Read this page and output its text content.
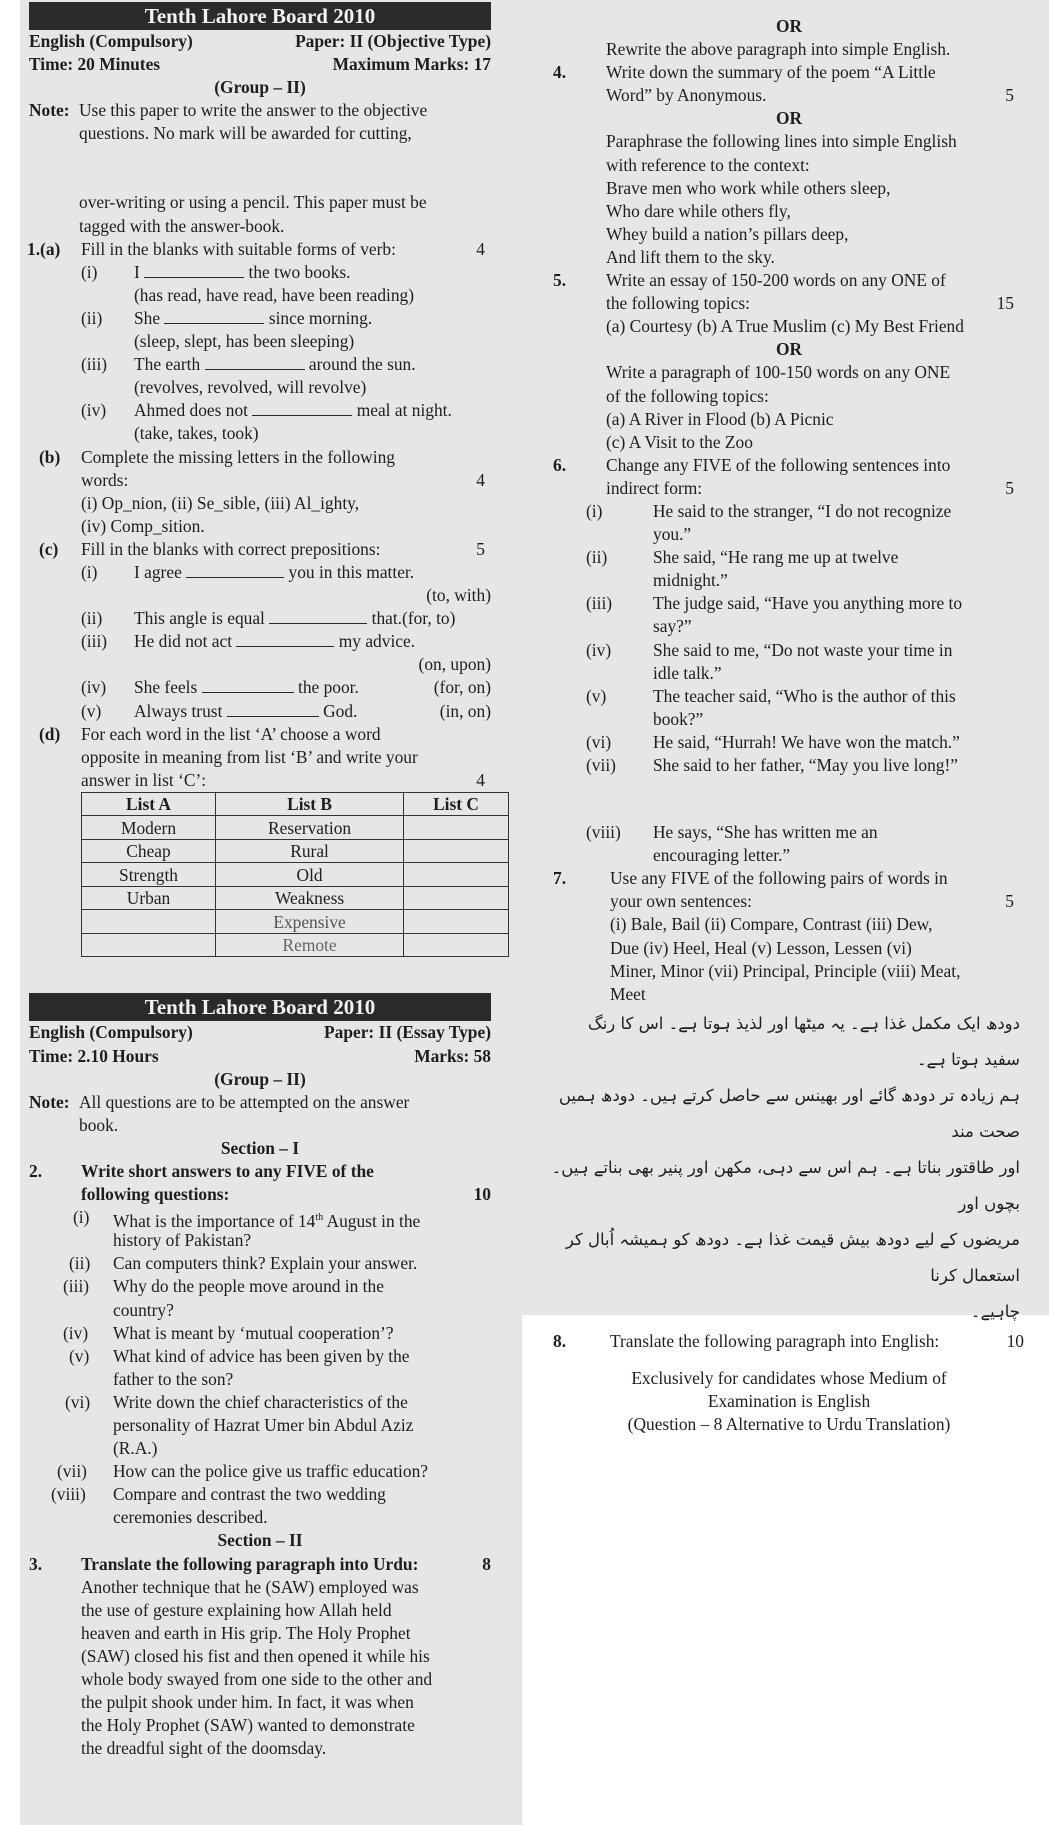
Tenth Lahore Board 2010
English (Compulsory)	Paper: II (Objective Type)
Time: 20 Minutes	Maximum Marks: 17
(Group – II)
Note: Use this paper to write the answer to the objective
questions. No mark will be awarded for cutting,
over-writing or using a pencil. This paper must be
tagged with the answer-book.
1.(a) Fill in the blanks with suitable forms of verb:	4
(i) I	the two books.
(has read, have read, have been reading)
(ii) She	since morning.
(sleep, slept, has been sleeping)
(iii) The earth	around the sun.
(revolves, revolved, will revolve)
(iv) Ahmed does not	meal at night.
(take, takes, took)
(b) Complete the missing letters in the following
words:	4
(i) Op_nion, (ii) Se_sible, (iii) Al_ighty,
(iv) Comp_sition.
(c) Fill in the blanks with correct prepositions:	5
(i) I agree	you in this matter.
(to, with)
(ii) This angle is equal	that.(for, to)
(iii) He did not act	my advice.
(on, upon)
(iv) She feels	the poor.	(for, on)
(v) Always trust	God.	(in, on)
(d) For each word in the list ‘A’ choose a word
opposite in meaning from list ‘B’ and write your
answer in list ‘C’:	4
List A	List B	List C
Modern	Reservation	
Cheap	Rural	
Strength	Old	
Urban	Weakness	
	Expensive	
	Remote	
Tenth Lahore Board 2010
English (Compulsory)	Paper: II (Essay Type)
Time: 2.10 Hours	Marks: 58
(Group – II)
Note: All questions are to be attempted on the answer
book.
Section – I
2. Write short answers to any FIVE of the
following questions:	10
(i) What is the importance of 14th August in the
history of Pakistan?
(ii) Can computers think? Explain your answer.
(iii) Why do the people move around in the
country?
(iv) What is meant by ‘mutual cooperation’?
(v) What kind of advice has been given by the
father to the son?
(vi) Write down the chief characteristics of the
personality of Hazrat Umer bin Abdul Aziz
(R.A.)
(vii) How can the police give us traffic education?
(viii) Compare and contrast the two wedding
ceremonies described.
Section – II
3. Translate the following paragraph into Urdu:	8
Another technique that he (SAW) employed was
the use of gesture explaining how Allah held
heaven and earth in His grip. The Holy Prophet
(SAW) closed his fist and then opened it while his
whole body swayed from one side to the other and
the pulpit shook under him. In fact, it was when
the Holy Prophet (SAW) wanted to demonstrate
the dreadful sight of the doomsday.
OR
Rewrite the above paragraph into simple English.
4. Write down the summary of the poem “A Little
Word” by Anonymous.	5
OR
Paraphrase the following lines into simple English
with reference to the context:
Brave men who work while others sleep,
Who dare while others fly,
Whey build a nation’s pillars deep,
And lift them to the sky.
5. Write an essay of 150-200 words on any ONE of
the following topics:	15
(a) Courtesy (b) A True Muslim (c) My Best Friend
OR
Write a paragraph of 100-150 words on any ONE
of the following topics:
(a) A River in Flood (b) A Picnic
(c) A Visit to the Zoo
6. Change any FIVE of the following sentences into
indirect form:	5
(i)	He said to the stranger, “I do not recognize
you.”
(ii)	She said, “He rang me up at twelve
midnight.”
(iii) The judge said, “Have you anything more to
say?”
(iv) She said to me, “Do not waste your time in
idle talk.”
(v)	The teacher said, “Who is the author of this
book?”
(vi) He said, “Hurrah! We have won the match.”
(vii) She said to her father, “May you live long!”
(viii) He says, “She has written me an
encouraging letter.”
7.	Use any FIVE of the following pairs of words in
your own sentences:	5
(i) Bale, Bail (ii) Compare, Contrast (iii) Dew,
Due (iv) Heel, Heal (v) Lesson, Lessen (vi)
Miner, Minor (vii) Principal, Principle (viii) Meat,
Meet
دودھ ایک مکمل غذا ہے۔ یہ میٹھا اور لذیذ ہوتا ہے۔ اس کا رنگ سفید ہوتا ہے۔
ہم زیادہ تر دودھ گائے اور بھینس سے حاصل کرتے ہیں۔ دودھ ہمیں صحت مند
اور طاقتور بناتا ہے۔ ہم اس سے دہی، مکھن اور پنیر بھی بناتے ہیں۔ بچوں اور
مریضوں کے لیے دودھ بیش قیمت غذا ہے۔ دودھ کو ہمیشہ اُبال کر استعمال کرنا
چاہیے۔
8.	Translate the following paragraph into English:	10
Exclusively for candidates whose Medium of
Examination is English
(Question – 8 Alternative to Urdu Translation)
